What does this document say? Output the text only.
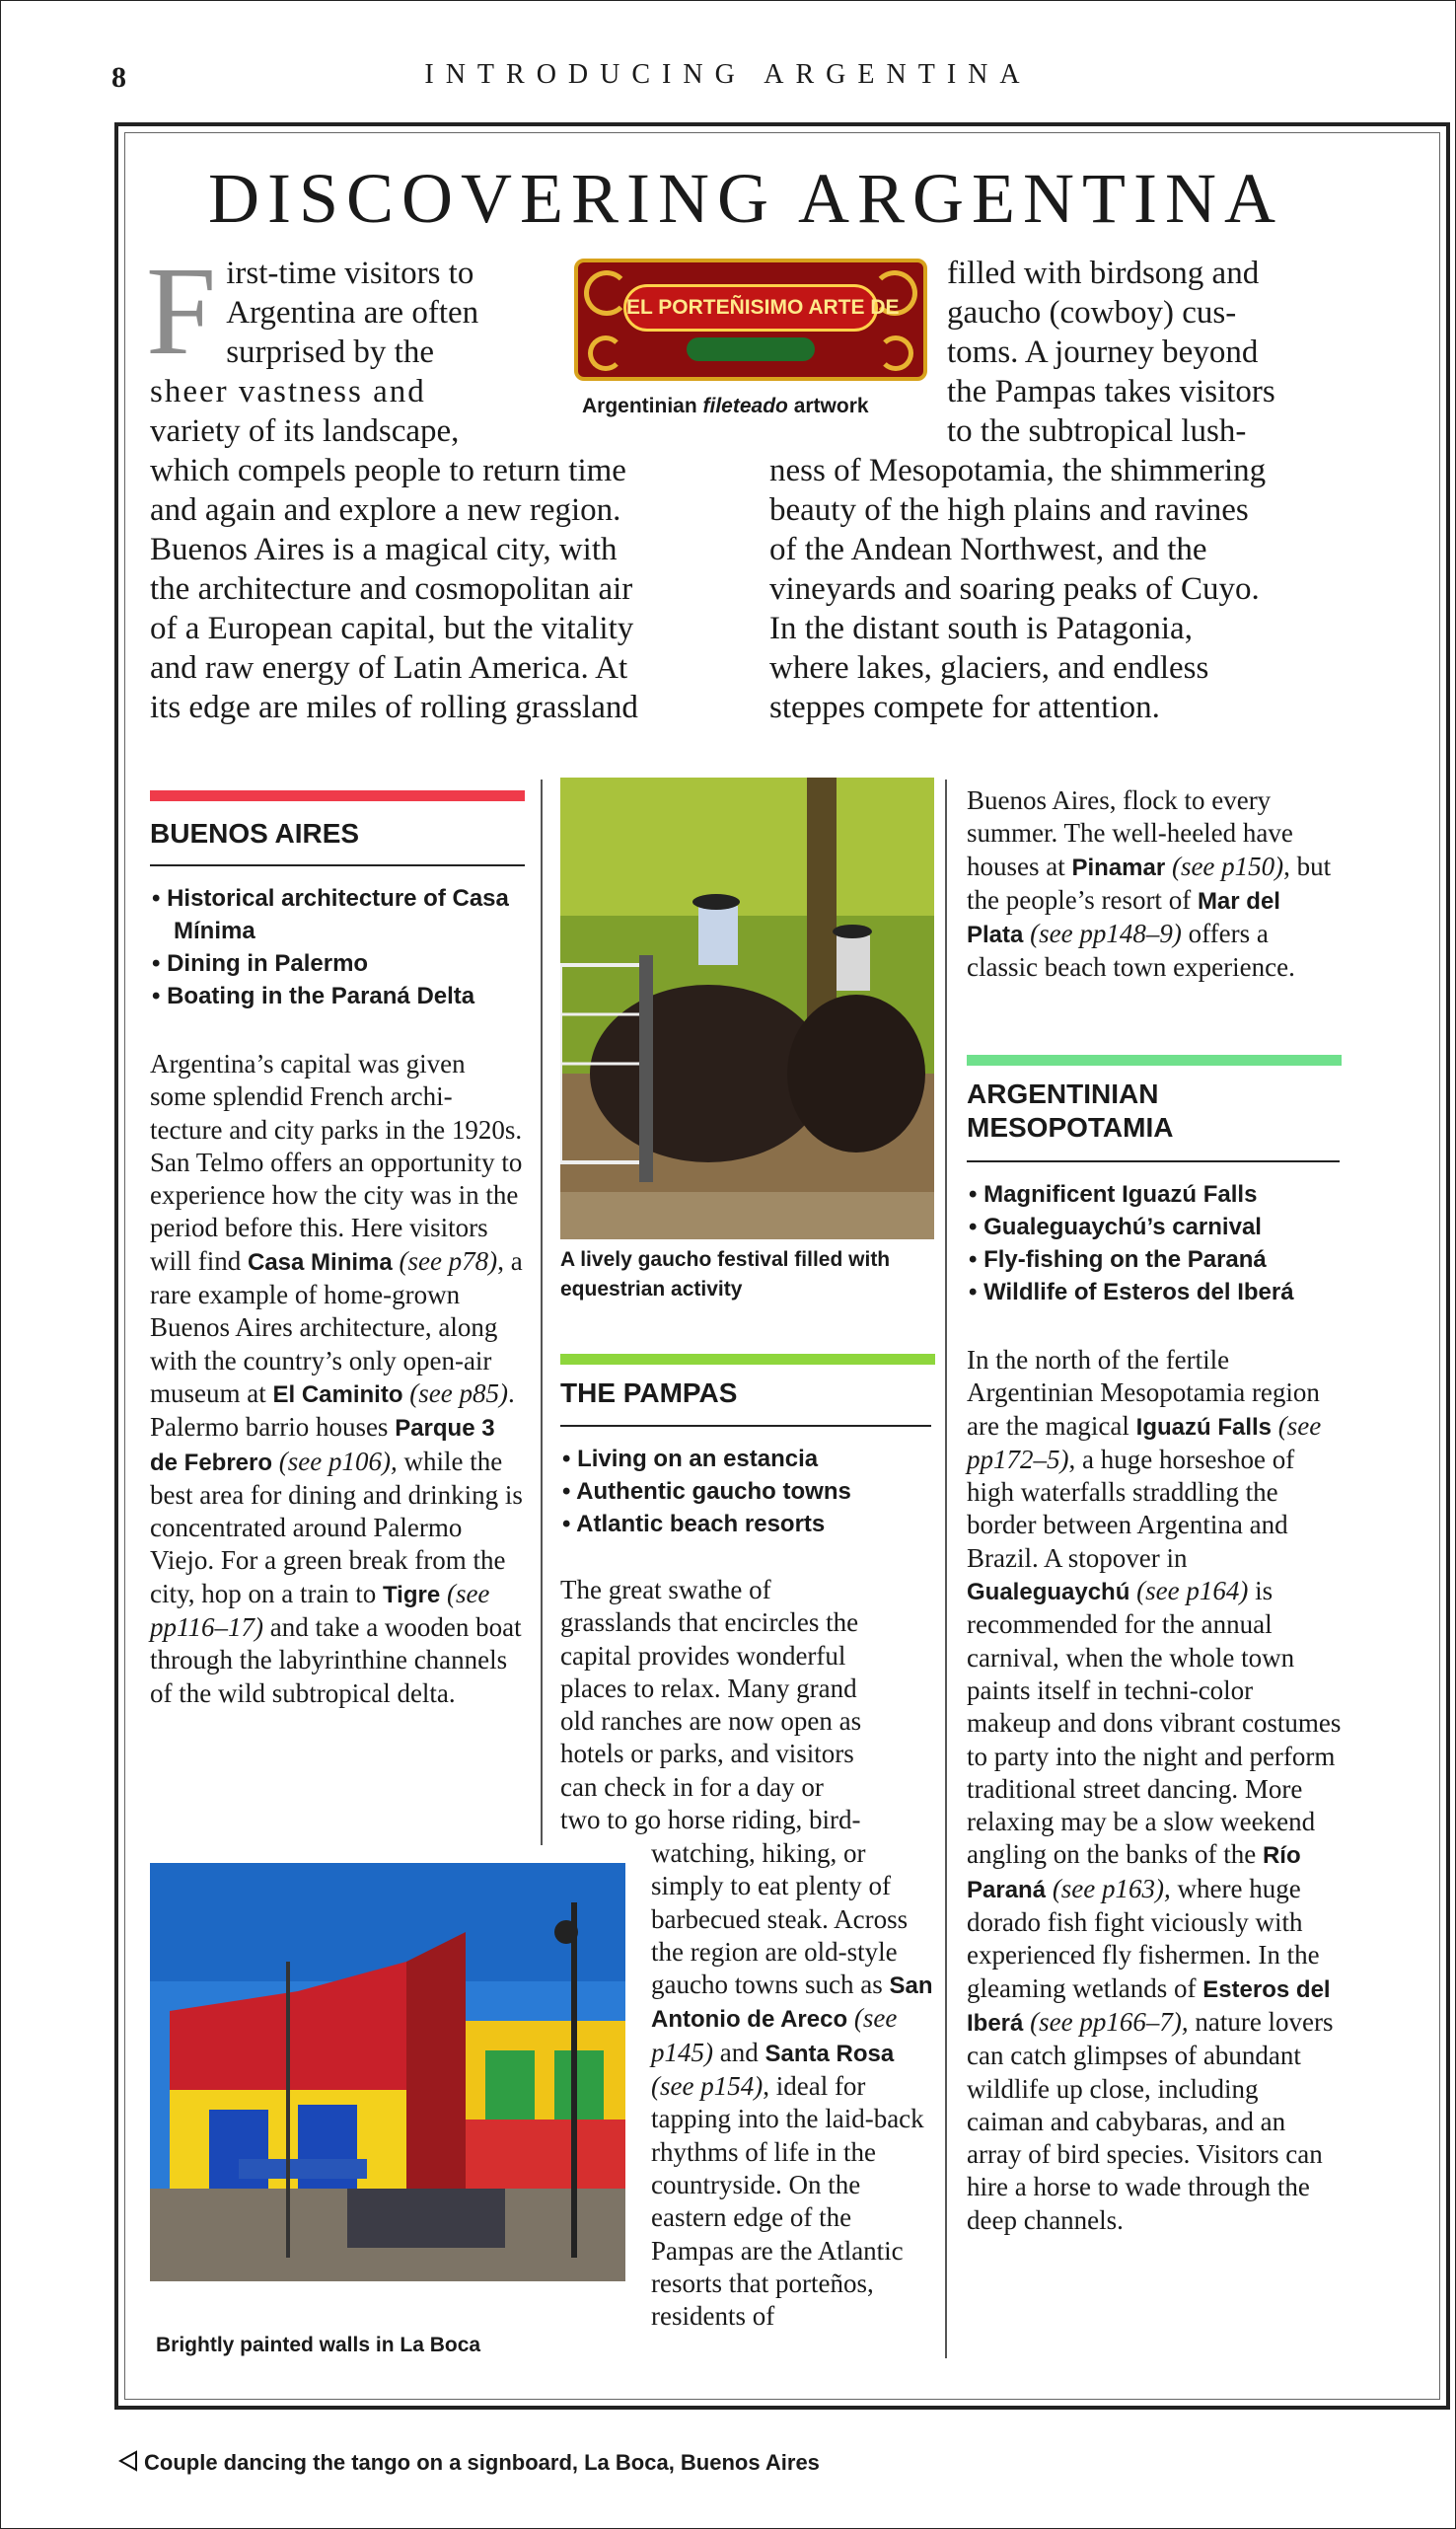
8	INTRODUCING ARGENTINA
DISCOVERING ARGENTINA
F irst-time visitors to
Argentina are often
surprised by the
sheer vastness and
variety of its landscape,
which compels people to return time
and again and explore a new region.
Buenos Aires is a magical city, with
the architecture and cosmopolitan air
of a European capital, but the vitality
and raw energy of Latin America. At
its edge are miles of rolling grassland
EL PORTEÑISIMO ARTE DE
Argentinian fileteado artwork
filled with birdsong and
gaucho (cowboy) cus-
toms. A journey beyond
the Pampas takes visitors
to the subtropical lush-
ness of Mesopotamia, the shimmering
beauty of the high plains and ravines
of the Andean Northwest, and the
vineyards and soaring peaks of Cuyo.
In the distant south is Patagonia,
where lakes, glaciers, and endless
steppes compete for attention.
BUENOS AIRES
• Historical architecture of Casa Mínima
• Dining in Palermo
• Boating in the Paraná Delta
Argentina’s capital was given some splendid French archi-tecture and city parks in the 1920s. San Telmo offers an opportunity to experience how the city was in the period before this. Here visitors will find Casa Minima (see p78), a rare example of home-grown Buenos Aires architecture, along with the country’s only open-air museum at El Caminito (see p85). Palermo barrio houses Parque 3 de Febrero (see p106), while the best area for dining and drinking is concentrated around Palermo Viejo. For a green break from the city, hop on a train to Tigre (see pp116–17) and take a wooden boat through the labyrinthine channels of the wild subtropical delta.
Brightly painted walls in La Boca
A lively gaucho festival filled with equestrian activity
THE PAMPAS
• Living on an estancia
• Authentic gaucho towns
• Atlantic beach resorts
The great swathe of
grasslands that encircles the
capital provides wonderful
places to relax. Many grand
old ranches are now open as
hotels or parks, and visitors
can check in for a day or
two to go horse riding, bird-
watching, hiking, or simply to eat plenty of barbecued steak. Across the region are old-style gaucho towns such as San Antonio de Areco (see p145) and Santa Rosa (see p154), ideal for tapping into the laid-back rhythms of life in the countryside. On the eastern edge of the Pampas are the Atlantic resorts that porteños, residents of
Buenos Aires, flock to every summer. The well-heeled have houses at Pinamar (see p150), but the people’s resort of Mar del Plata (see pp148–9) offers a classic beach town experience.
ARGENTINIAN MESOPOTAMIA
• Magnificent Iguazú Falls
• Gualeguaychú’s carnival
• Fly-fishing on the Paraná
• Wildlife of Esteros del Iberá
In the north of the fertile Argentinian Mesopotamia region are the magical Iguazú Falls (see pp172–5), a huge horseshoe of high waterfalls straddling the border between Argentina and Brazil. A stopover in Gualeguaychú (see p164) is recommended for the annual carnival, when the whole town paints itself in techni-color makeup and dons vibrant costumes to party into the night and perform traditional street dancing. More relaxing may be a slow weekend angling on the banks of the Río Paraná (see p163), where huge dorado fish fight viciously with experienced fly fishermen. In the gleaming wetlands of Esteros del Iberá (see pp166–7), nature lovers can catch glimpses of abundant wildlife up close, including caiman and cabybaras, and an array of bird species. Visitors can hire a horse to wade through the deep channels.
Couple dancing the tango on a signboard, La Boca, Buenos Aires
